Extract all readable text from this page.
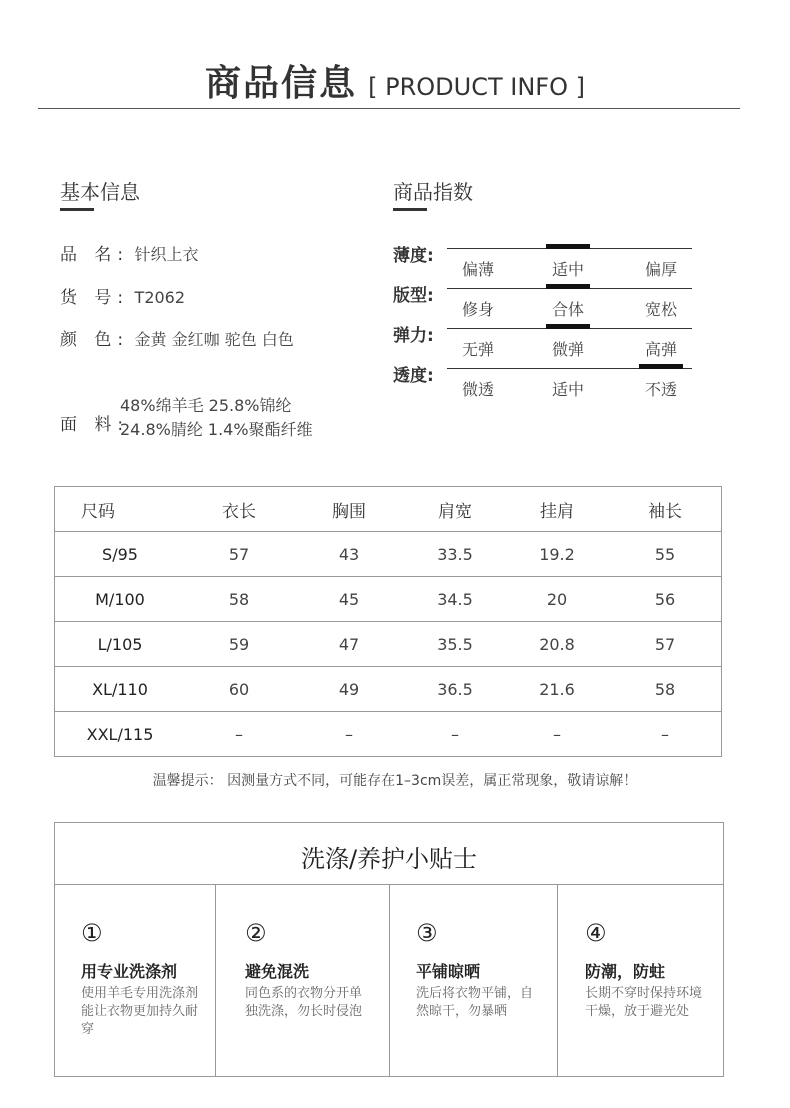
商品信息 [ PRODUCT INFO ]
基本信息
品 名: 针织上衣
货 号: T2062
颜 色: 金黄 金红咖 驼色 白色
面 料:
48%绵羊毛 25.8%锦纶
24.8%腈纶 1.4%聚酯纤维
商品指数
薄度:
偏薄	适中	偏厚
版型:
修身	合体	宽松
弹力:
无弹	微弹	高弹
透度:
微透	适中	不透
尺码	衣长	胸围	肩宽	挂肩	袖长
S/95	57	43	33.5	19.2	55
M/100	58	45	34.5	20	56
L/105	59	47	35.5	20.8	57
XL/110	60	49	36.5	21.6	58
XXL/115	–	–	–	–	–
温馨提示： 因测量方式不同，可能存在1–3cm误差，属正常现象，敬请谅解！
洗涤/养护小贴士
①
用专业洗涤剂
使用羊毛专用洗涤剂能让衣物更加持久耐穿
②
避免混洗
同色系的衣物分开单独洗涤，勿长时侵泡
③
平铺晾晒
洗后将衣物平铺，自然晾干，勿暴晒
④
防潮，防蛀
长期不穿时保持环境干燥，放于避光处
